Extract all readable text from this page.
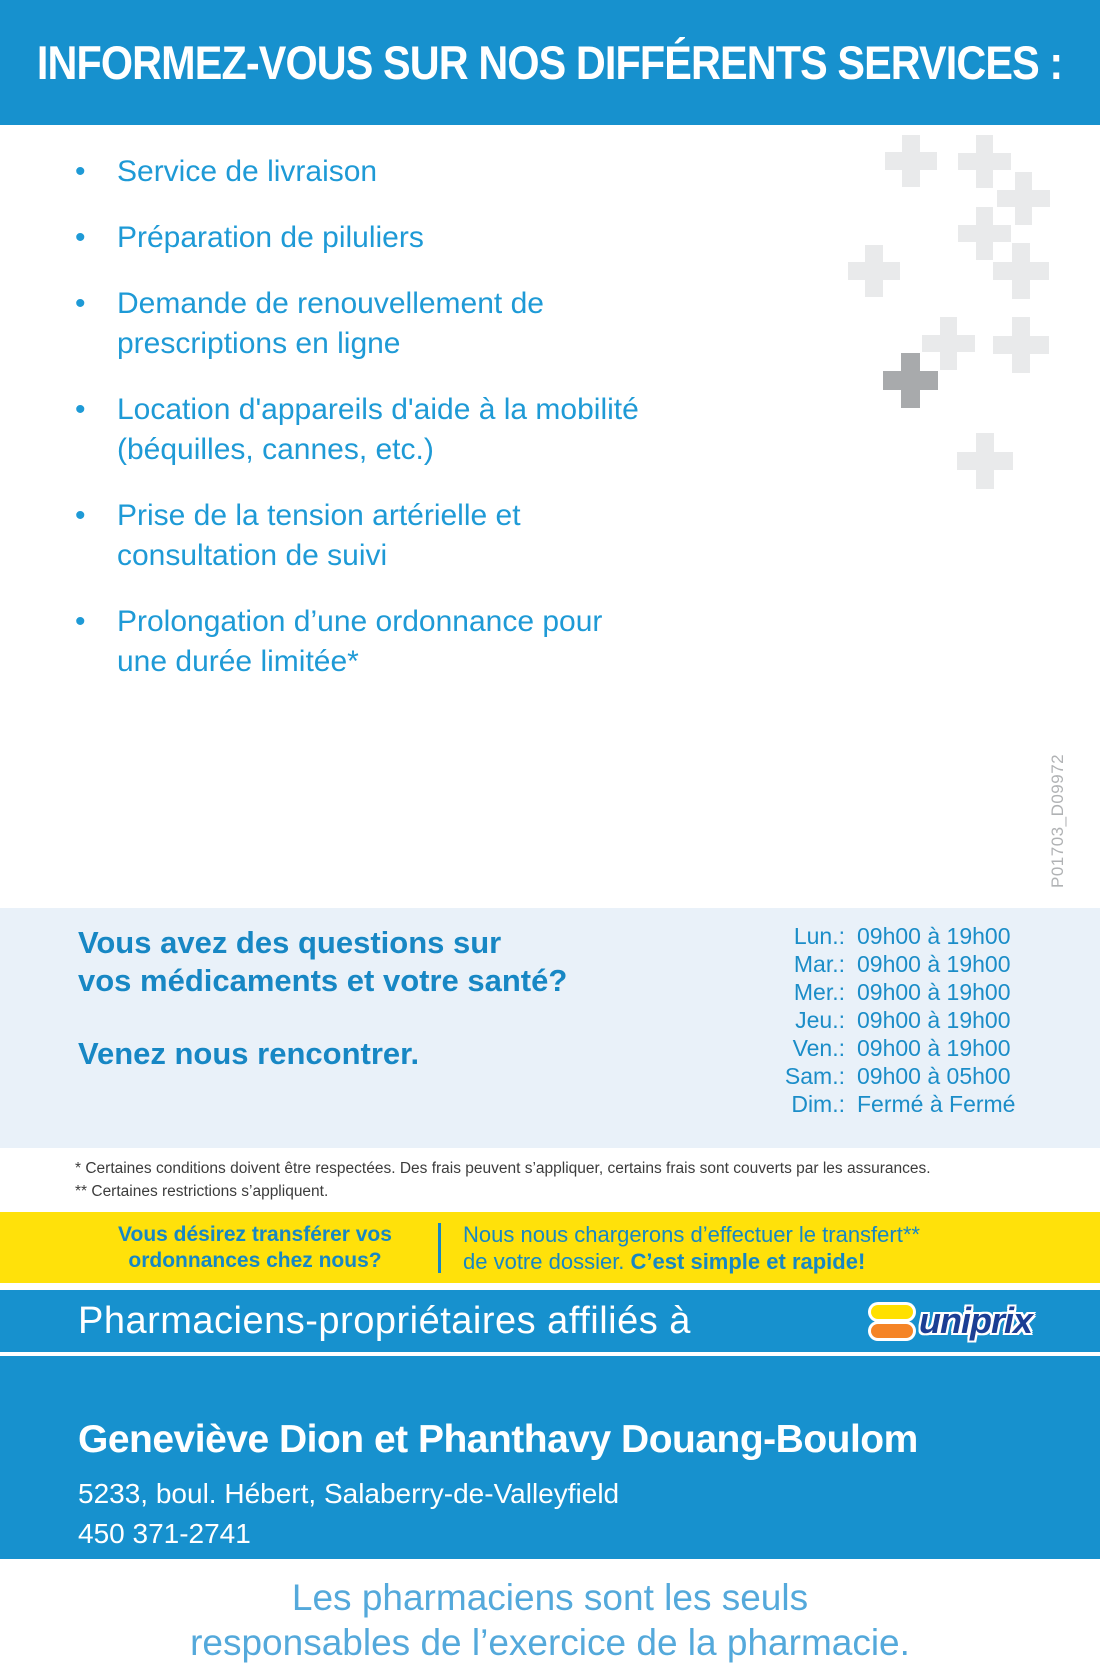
INFORMEZ-VOUS SUR NOS DIFFÉRENTS SERVICES :
•	Service de livraison
•	Préparation de piluliers
•	Demande de renouvellement de
prescriptions en ligne
•	Location d'appareils d'aide à la mobilité
(béquilles, cannes, etc.)
•	Prise de la tension artérielle et
consultation de suivi
•	Prolongation d’une ordonnance pour
une durée limitée*
P01703_D09972
Vous avez des questions sur
vos médicaments et votre santé?
Venez nous rencontrer.
Lun.: 09h00 à 19h00
Mar.: 09h00 à 19h00
Mer.: 09h00 à 19h00
Jeu.: 09h00 à 19h00
Ven.: 09h00 à 19h00
Sam.: 09h00 à 05h00
Dim.: Fermé à Fermé
* Certaines conditions doivent être respectées. Des frais peuvent s’appliquer, certains frais sont couverts par les assurances.
** Certaines restrictions s’appliquent.
Vous désirez transférer vos
ordonnances chez nous?
Nous nous chargerons d’effectuer le transfert**
de votre dossier. C’est simple et rapide!
Pharmaciens-propriétaires affiliés à	uniprix
Geneviève Dion et Phanthavy Douang-Boulom
5233, boul. Hébert, Salaberry-de-Valleyfield
450 371-2741
Les pharmaciens sont les seuls
responsables de l’exercice de la pharmacie.
